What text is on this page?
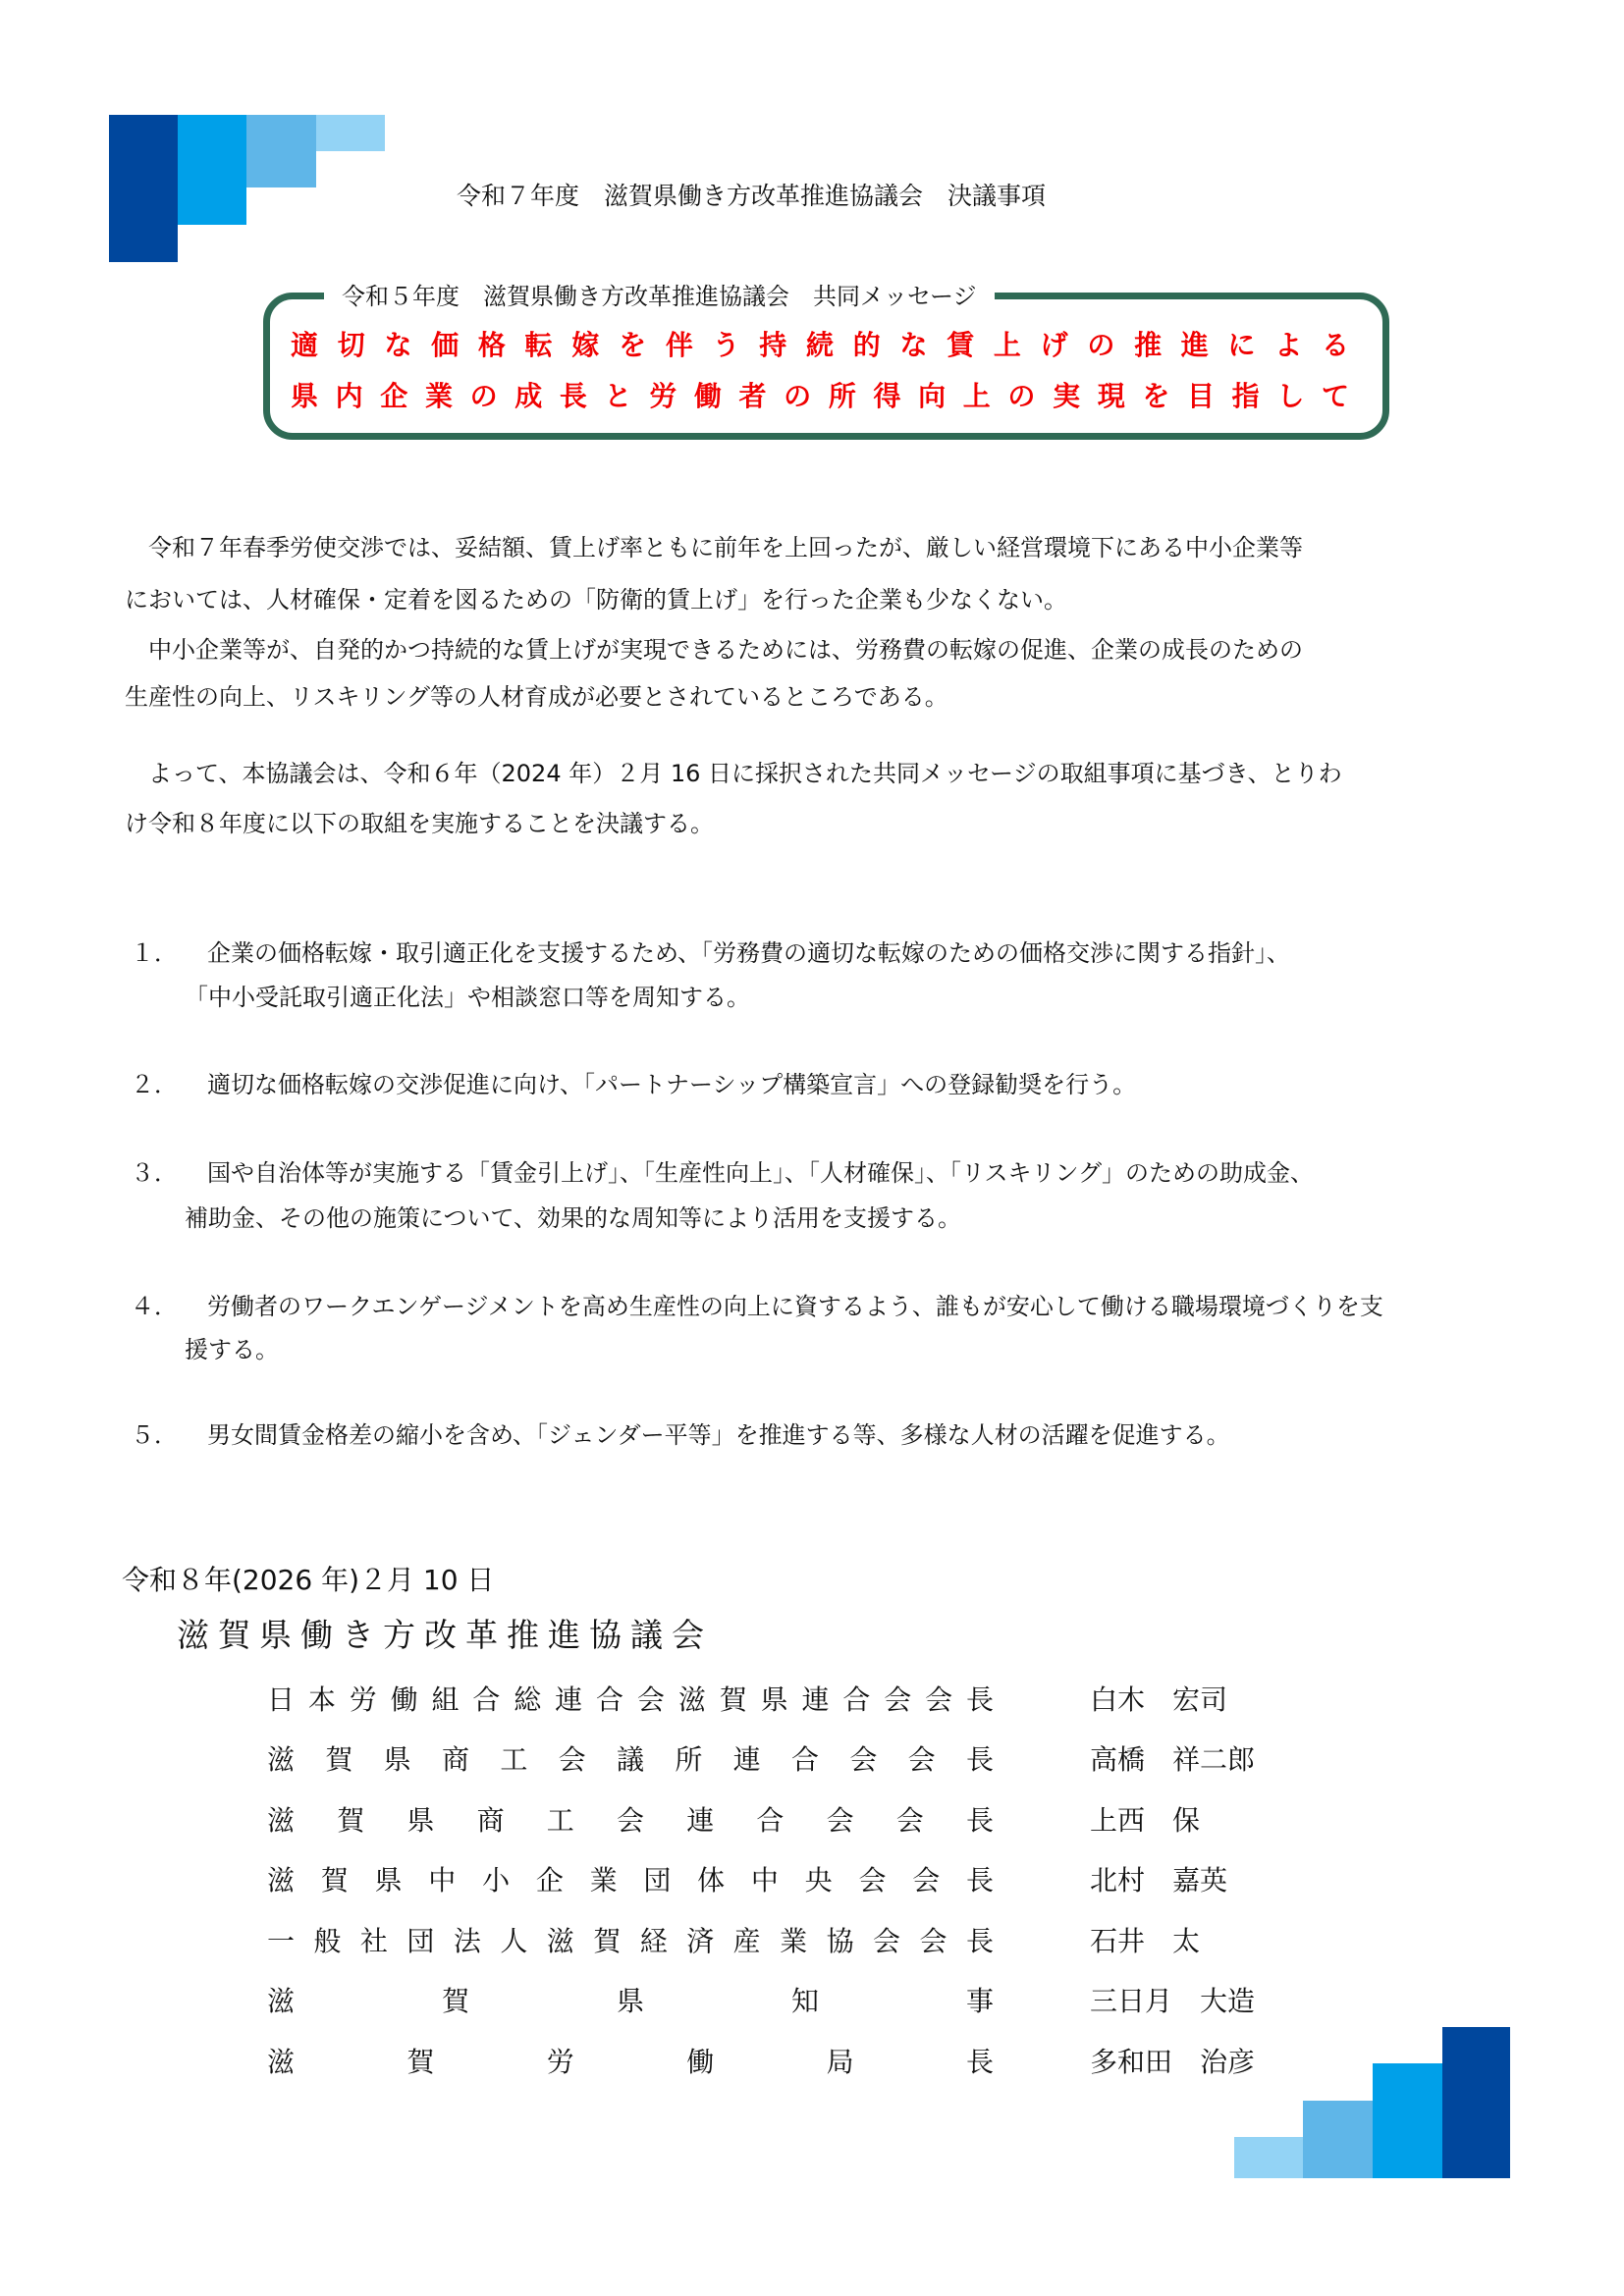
令和７年度　滋賀県働き方改革推進協議会　決議事項
令和５年度　滋賀県働き方改革推進協議会　共同メッセージ
適切な価格転嫁を伴う持続的な賃上げの推進による
県内企業の成長と労働者の所得向上の実現を目指して
令和７年春季労使交渉では、妥結額、賃上げ率ともに前年を上回ったが、厳しい経営環境下にある中小企業等
においては、人材確保・定着を図るための「防衛的賃上げ」を行った企業も少なくない。
中小企業等が、自発的かつ持続的な賃上げが実現できるためには、労務費の転嫁の促進、企業の成長のための
生産性の向上、リスキリング等の人材育成が必要とされているところである。
よって、本協議会は、令和６年（2024 年）２月 16 日に採択された共同メッセージの取組事項に基づき、とりわ
け令和８年度に以下の取組を実施することを決議する。
１． 企業の価格転嫁・取引適正化を支援するため、「労務費の適切な転嫁のための価格交渉に関する指針」、
「中小受託取引適正化法」や相談窓口等を周知する。
２． 適切な価格転嫁の交渉促進に向け、「パートナーシップ構築宣言」への登録勧奨を行う。
３． 国や自治体等が実施する「賃金引上げ」、「生産性向上」、「人材確保」、「リスキリング」のための助成金、
補助金、その他の施策について、効果的な周知等により活用を支援する。
４． 労働者のワークエンゲージメントを高め生産性の向上に資するよう、誰もが安心して働ける職場環境づくりを支
援する。
５． 男女間賃金格差の縮小を含め、「ジェンダー平等」を推進する等、多様な人材の活躍を促進する。
令和８年(2026 年)２月 10 日
滋賀県働き方改革推進協議会
日本労働組合総連合会滋賀県連合会会長	白木　宏司
滋賀県商工会議所連合会会長	高橋　祥二郎
滋賀県商工会連合会会長	上西　保
滋賀県中小企業団体中央会会長	北村　嘉英
一般社団法人滋賀経済産業協会会長	石井　太
滋賀県知事	三日月　大造
滋賀労働局長	多和田　治彦
